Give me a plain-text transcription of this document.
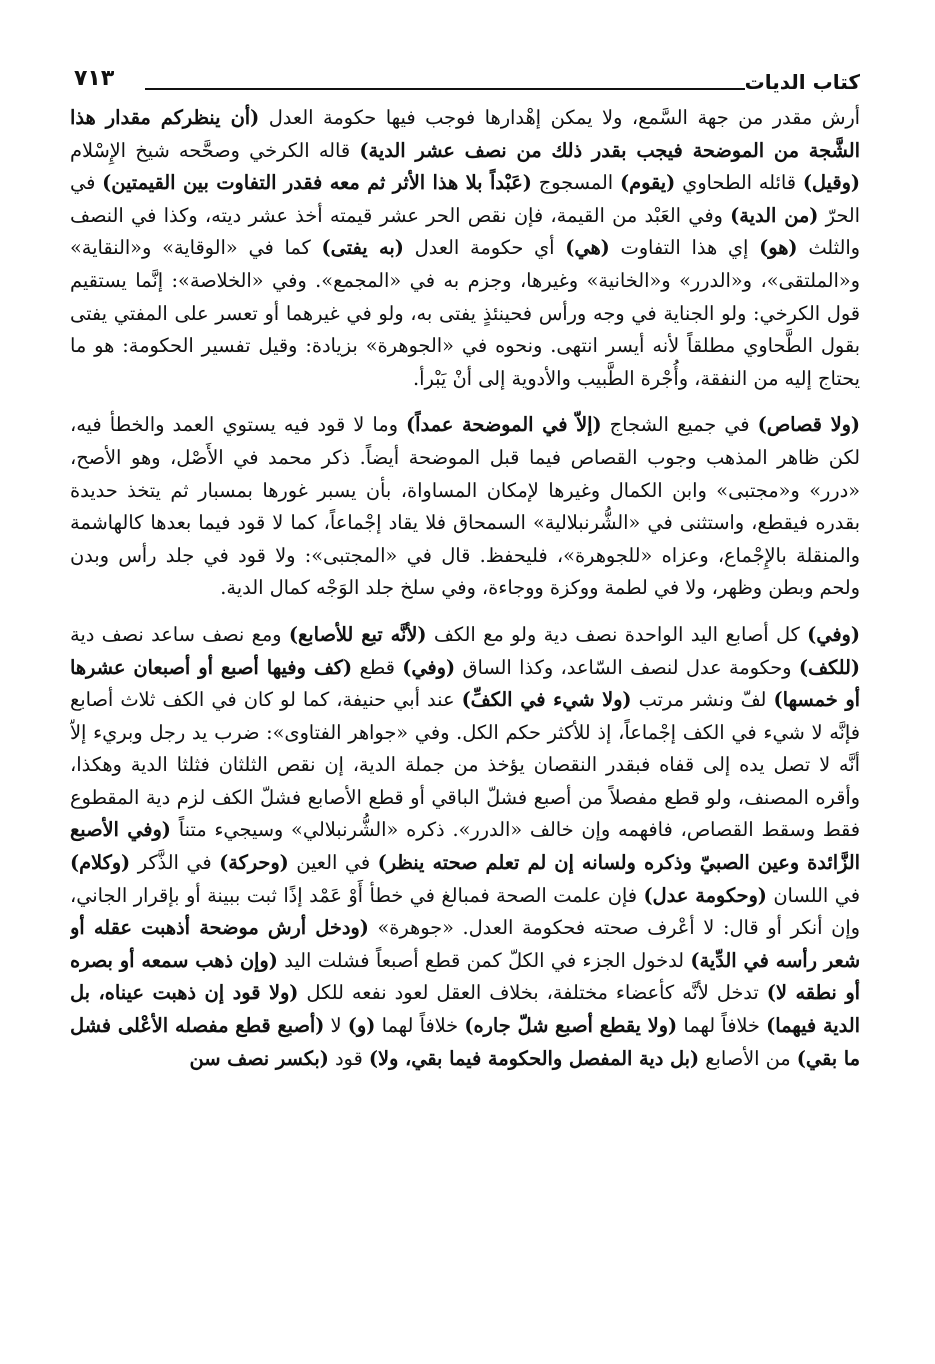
كتاب الديات
٧١٣

أرش مقدر من جهة السَّمع، ولا يمكن إهْدارها فوجب فيها حكومة العدل (أن ينظركم مقدار هذا الشَّجة من الموضحة فيجب بقدر ذلك من نصف عشر الدية) قاله الكرخي وصحَّحه شيخ الإِسْلام (وقيل) قائله الطحاوي (يقوم) المسجوج (عَبْداً بلا هذا الأثر ثم معه فقدر التفاوت بين القيمتين) في الحرّ (من الدية) وفي العَبْد من القيمة، فإن نقص الحر عشر قيمته أخذ عشر ديته، وكذا في النصف والثلث (هو) إي هذا التفاوت (هي) أي حكومة العدل (به يفتى) كما في «الوقاية» و«النقاية» و«الملتقى»، و«الدرر» و«الخانية» وغيرها، وجزم به في «المجمع». وفي «الخلاصة»: إنَّما يستقيم قول الكرخي: ولو الجناية في وجه ورأس فحينئذٍ يفتى به، ولو في غيرهما أو تعسر على المفتي يفتى بقول الطَّحاوي مطلقاً لأنه أيسر انتهى. ونحوه في «الجوهرة» بزيادة: وقيل تفسير الحكومة: هو ما يحتاج إليه من النفقة، وأُجْرة الطَّبيب والأدوية إلى أنْ يَبْرأ.

(ولا قصاص) في جميع الشجاج (إلاّ في الموضحة عمداً) وما لا قود فيه يستوي العمد والخطأ فيه، لكن ظاهر المذهب وجوب القصاص فيما قبل الموضحة أيضاً. ذكر محمد في الأَصْل، وهو الأصح، «درر» و«مجتبى» وابن الكمال وغيرها لإمكان المساواة، بأن يسبر غورها بمسبار ثم يتخذ حديدة بقدره فيقطع، واستثنى في «الشُّرنبلالية» السمحاق فلا يقاد إجْماعاً، كما لا قود فيما بعدها كالهاشمة والمنقلة بالإِجْماع، وعزاه «للجوهرة»، فليحفظ. قال في «المجتبى»: ولا قود في جلد رأس وبدن ولحم وبطن وظهر، ولا في لطمة ووكزة ووجاءة، وفي سلخ جلد الوَجْه كمال الدية.

(وفي) كل أصابع اليد الواحدة نصف دية ولو مع الكف (لأنَّه تبع للأصابع) ومع نصف ساعد نصف دية (للكف) وحكومة عدل لنصف السّاعد، وكذا الساق (وفي) قطع (كف وفيها أصبع أو أصبعان عشرها أو خمسها) لفّ ونشر مرتب (ولا شيء في الكفِّ) عند أبي حنيفة، كما لو كان في الكف ثلاث أصابع فإنَّه لا شيء في الكف إجْماعاً، إذ للأكثر حكم الكل. وفي «جواهر الفتاوى»: ضرب يد رجل وبريء إلاّ أنَّه لا تصل يده إلى قفاه فبقدر النقصان يؤخذ من جملة الدية، إن نقص الثلثان فثلثا الدية وهكذا، وأقره المصنف، ولو قطع مفصلاً من أصبع فشلّ الباقي أو قطع الأصابع فشلّ الكف لزم دية المقطوع فقط وسقط القصاص، فافهمه وإن خالف «الدرر». ذكره «الشُّرنبلالي» وسيجيء متناً (وفي الأصبع الزَّائدة وعين الصبيّ وذكره ولسانه إن لم تعلم صحته ينظر) في العين (وحركة) في الذَّكر (وكلام) في اللسان (وحكومة عدل) فإن علمت الصحة فمبالغ في خطأ أَوْ عَمْد إذًا ثبت ببينة أو بإقرار الجاني، وإن أنكر أو قال: لا أعْرف صحته فحكومة العدل. «جوهرة» (ودخل أرش موضحة أذهبت عقله أو شعر رأسه في الدِّية) لدخول الجزء في الكلّ كمن قطع أصبعاً فشلت اليد (وإن ذهب سمعه أو بصره أو نطقه لا) تدخل لأنَّه كأعضاء مختلفة، بخلاف العقل لعود نفعه للكل (ولا قود إن ذهبت عيناه، بل الدية فيهما) خلافاً لهما (ولا يقطع أصبع شلّ جاره) خلافاً لهما (و) لا (أصبع قطع مفصله الأعْلى فشل ما بقي) من الأصابع (بل دية المفصل والحكومة فيما بقي، ولا) قود (بكسر نصف سن
